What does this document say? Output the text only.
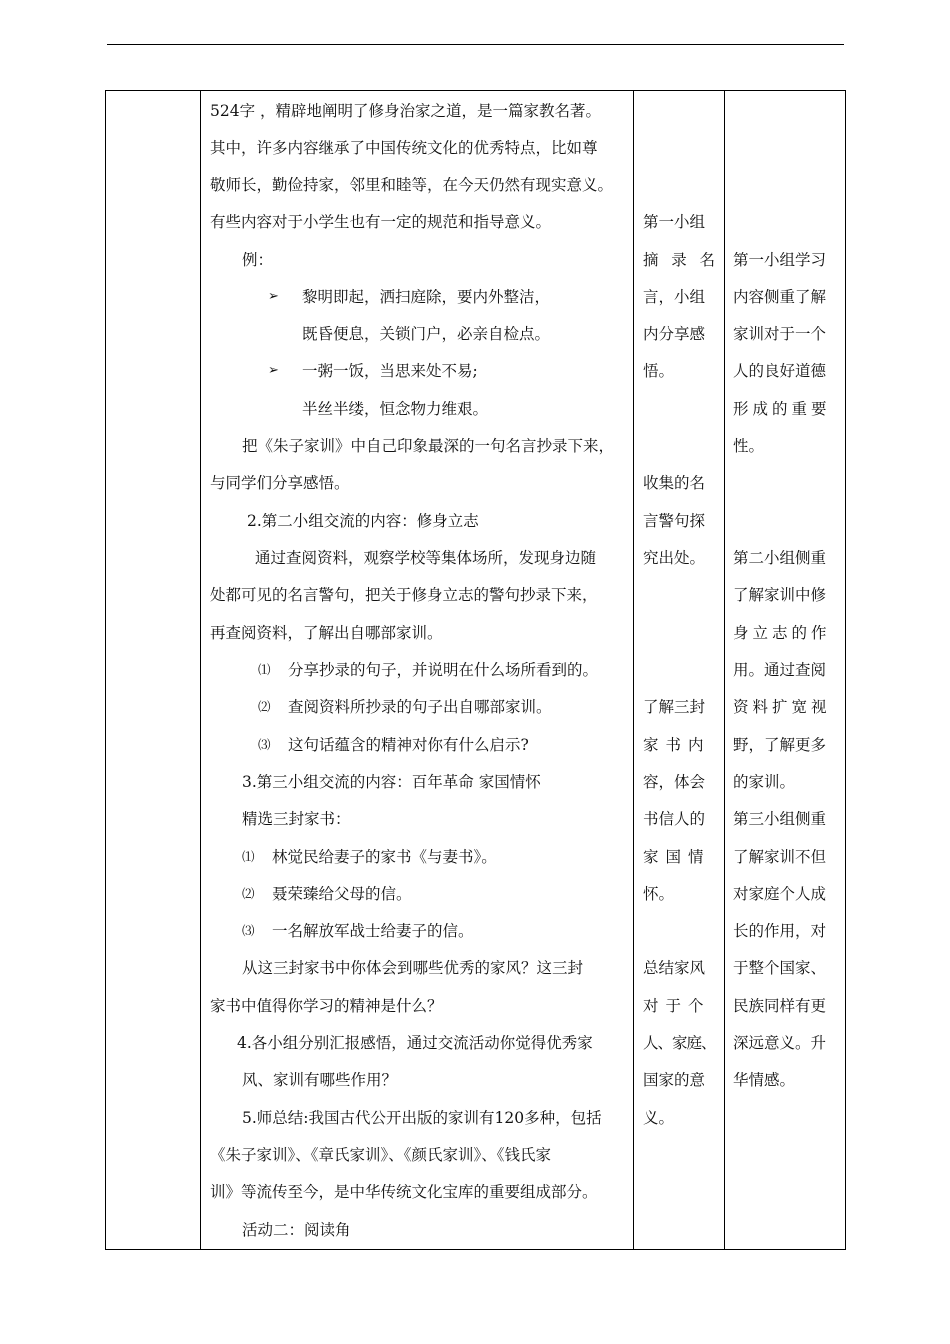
524字 ，精辟地阐明了修身治家之道，是一篇家教名著。
其中，许多内容继承了中国传统文化的优秀特点，比如尊
敬师长，勤俭持家，邻里和睦等，在今天仍然有现实意义。
有些内容对于小学生也有一定的规范和指导意义。
例：
➢ 黎明即起，洒扫庭除，要内外整洁，
既昏便息，关锁门户，必亲自检点。
➢ 一粥一饭，当思来处不易;
半丝半缕，恒念物力维艰。
把《朱子家训》中自己印象最深的一句名言抄录下来，
与同学们分享感悟。
2.第二小组交流的内容：修身立志
通过查阅资料，观察学校等集体场所，发现身边随
处都可见的名言警句，把关于修身立志的警句抄录下来，
再查阅资料，了解出自哪部家训。
⑴ 分享抄录的句子，并说明在什么场所看到的。
⑵ 查阅资料所抄录的句子出自哪部家训。
⑶ 这句话蕴含的精神对你有什么启示?
3.第三小组交流的内容：百年革命 家国情怀
精选三封家书：
⑴ 林觉民给妻子的家书《与妻书》。
⑵ 聂荣臻给父母的信。
⑶ 一名解放军战士给妻子的信。
从这三封家书中你体会到哪些优秀的家风？这三封
家书中值得你学习的精神是什么？
4.各小组分别汇报感悟，通过交流活动你觉得优秀家
风、家训有哪些作用？
5.师总结:我国古代公开出版的家训有120多种，包括
《朱子家训》、《章氏家训》、《颜氏家训》、《钱氏家
训》等流传至今，是中华传统文化宝库的重要组成部分。
活动二：阅读角
第一小组
摘 录 名
言，小组
内分享感
悟。
收集的名
言警句探
究出处。
了解三封
家书内
容，体会
书信人的
家国情
怀。
总结家风
对于个
人、家庭、
国家的意
义。
第一小组学习
内容侧重了解
家训对于一个
人的良好道德
形成的重要
性。
第二小组侧重
了解家训中修
身立志的作
用。通过查阅
资料扩宽视
野，了解更多
的家训。
第三小组侧重
了解家训不但
对家庭个人成
长的作用，对
于整个国家、
民族同样有更
深远意义。升
华情感。
